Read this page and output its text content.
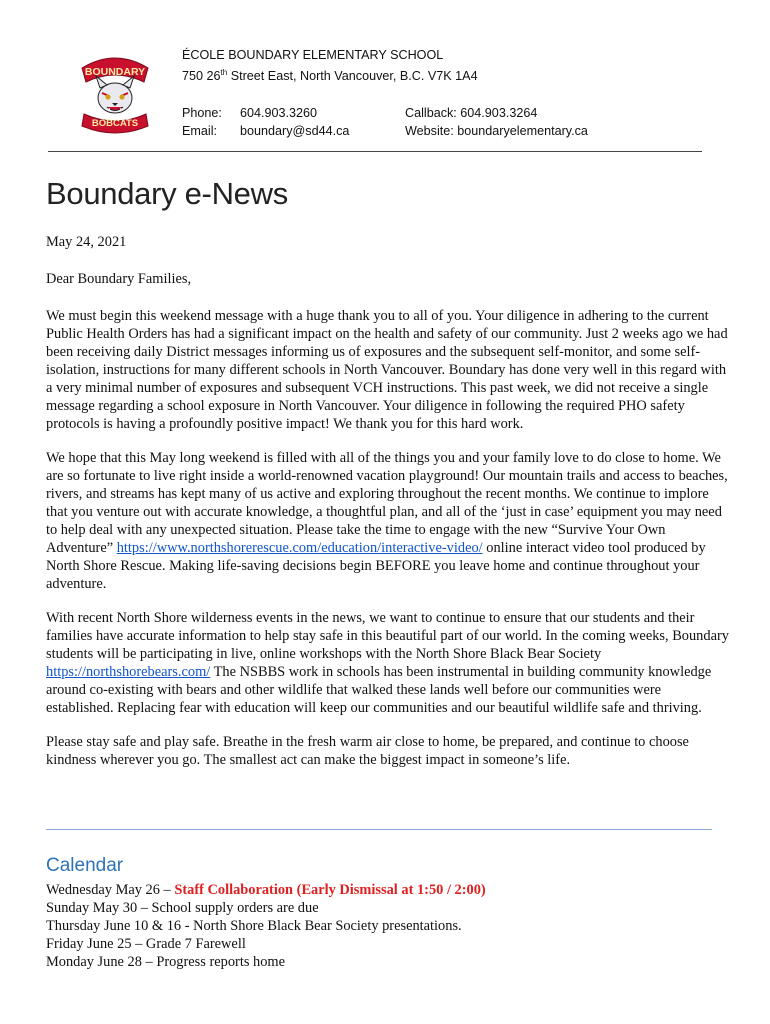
BOUNDARY
BOBCATS
ÉCOLE BOUNDARY ELEMENTARY SCHOOL
750 26th Street East, North Vancouver, B.C. V7K 1A4
Phone: 604.903.3260
Email: boundary@sd44.ca
Callback: 604.903.3264
Website: boundaryelementary.ca
Boundary e-News

May 24, 2021

Dear Boundary Families,

We must begin this weekend message with a huge thank you to all of you. Your diligence in adhering to the current Public Health Orders has had a significant impact on the health and safety of our community. Just 2 weeks ago we had been receiving daily District messages informing us of exposures and the subsequent self-monitor, and some self-isolation, instructions for many different schools in North Vancouver. Boundary has done very well in this regard with a very minimal number of exposures and subsequent VCH instructions. This past week, we did not receive a single message regarding a school exposure in North Vancouver. Your diligence in following the required PHO safety protocols is having a profoundly positive impact! We thank you for this hard work.

We hope that this May long weekend is filled with all of the things you and your family love to do close to home. We are so fortunate to live right inside a world-renowned vacation playground! Our mountain trails and access to beaches, rivers, and streams has kept many of us active and exploring throughout the recent months. We continue to implore that you venture out with accurate knowledge, a thoughtful plan, and all of the ‘just in case’ equipment you may need to help deal with any unexpected situation. Please take the time to engage with the new “Survive Your Own Adventure” https://www.northshorerescue.com/education/interactive-video/ online interact video tool produced by North Shore Rescue. Making life-saving decisions begin BEFORE you leave home and continue throughout your adventure.

With recent North Shore wilderness events in the news, we want to continue to ensure that our students and their families have accurate information to help stay safe in this beautiful part of our world. In the coming weeks, Boundary students will be participating in live, online workshops with the North Shore Black Bear Society https://northshorebears.com/ The NSBBS work in schools has been instrumental in building community knowledge around co-existing with bears and other wildlife that walked these lands well before our communities were established. Replacing fear with education will keep our communities and our beautiful wildlife safe and thriving.

Please stay safe and play safe. Breathe in the fresh warm air close to home, be prepared, and continue to choose kindness wherever you go. The smallest act can make the biggest impact in someone’s life.

Calendar
Wednesday May 26 – Staff Collaboration (Early Dismissal at 1:50 / 2:00)
Sunday May 30 – School supply orders are due
Thursday June 10 & 16 - North Shore Black Bear Society presentations.
Friday June 25 – Grade 7 Farewell
Monday June 28 – Progress reports home
